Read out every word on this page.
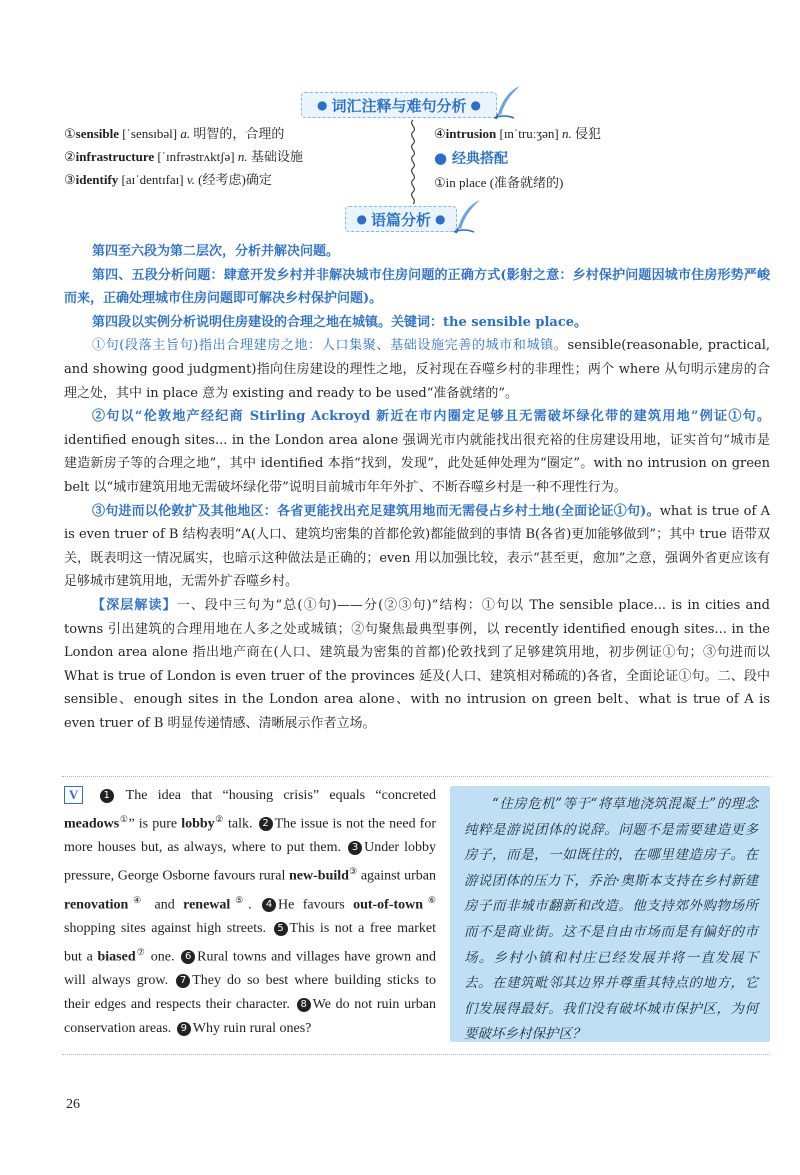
● 词汇注释与难句分析 ●
①sensible [ˈsensɪbəl] a. 明智的，合理的
②infrastructure [ˈɪnfrəstrʌktʃə] n. 基础设施
③identify [aɪˈdentɪfaɪ] v. (经考虑)确定
④intrusion [ɪnˈtruːʒən] n. 侵犯
● 经典搭配
①in place (准备就绪的)
● 语篇分析 ●
第四至六段为第二层次，分析并解决问题。
第四、五段分析问题：肆意开发乡村并非解决城市住房问题的正确方式(影射之意：乡村保护问题因城市住房形势严峻而来，正确处理城市住房问题即可解决乡村保护问题)。
第四段以实例分析说明住房建设的合理之地在城镇。关键词：the sensible place。
①句(段落主旨句)指出合理建房之地：人口集聚、基础设施完善的城市和城镇。sensible(reasonable, practical, and showing good judgment)指向住房建设的理性之地，反衬现在吞噬乡村的非理性；两个 where 从句明示建房的合理之处，其中 in place 意为 existing and ready to be used“准备就绪的”。
②句以“伦敦地产经纪商 Stirling Ackroyd 新近在市内圈定足够且无需破坏绿化带的建筑用地”例证①句。identified enough sites... in the London area alone 强调光市内就能找出很充裕的住房建设用地，证实首句“城市是建造新房子等的合理之地”，其中 identified 本指“找到，发现”，此处延伸处理为“圈定”。with no intrusion on green belt 以“城市建筑用地无需破坏绿化带”说明目前城市年年外扩、不断吞噬乡村是一种不理性行为。
③句进而以伦敦扩及其他地区：各省更能找出充足建筑用地而无需侵占乡村土地(全面论证①句)。what is true of A is even truer of B 结构表明“A(人口、建筑均密集的首都伦敦)都能做到的事情 B(各省)更加能够做到”；其中 true 语带双关，既表明这一情况属实，也暗示这种做法是正确的；even 用以加强比较，表示“甚至更，愈加”之意，强调外省更应该有足够城市建筑用地，无需外扩吞噬乡村。
【深层解读】一、段中三句为“总(①句)——分(②③句)”结构：①句以 The sensible place... is in cities and towns 引出建筑的合理用地在人多之处或城镇；②句聚焦最典型事例，以 recently identified enough sites... in the London area alone 指出地产商在(人口、建筑最为密集的首都)伦敦找到了足够建筑用地，初步例证①句；③句进而以 What is true of London is even truer of the provinces 延及(人口、建筑相对稀疏的)各省，全面论证①句。二、段中 sensible、enough sites in the London area alone、with no intrusion on green belt、what is true of A is even truer of B 明显传递情感、清晰展示作者立场。
V	1 The idea that “housing crisis” equals “concreted meadows①” is pure lobby② talk. 2 The issue is not the need for more houses but, as always, where to put them. 3 Under lobby pressure, George Osborne favours rural new-build③ against urban renovation④ and renewal⑤. 4 He favours out-of-town⑥ shopping sites against high streets. 5 This is not a free market but a biased⑦ one. 6 Rural towns and villages have grown and will always grow. 7 They do so best where building sticks to their edges and respects their character. 8 We do not ruin urban conservation areas. 9 Why ruin rural ones?
“住房危机”等于“将草地浇筑混凝土”的理念纯粹是游说团体的说辞。问题不是需要建造更多房子，而是，一如既往的，在哪里建造房子。在游说团体的压力下，乔治·奥斯本支持在乡村新建房子而非城市翻新和改造。他支持郊外购物场所而不是商业街。这不是自由市场而是有偏好的市场。乡村小镇和村庄已经发展并将一直发展下去。在建筑毗邻其边界并尊重其特点的地方，它们发展得最好。我们没有破坏城市保护区，为何要破坏乡村保护区？
26
